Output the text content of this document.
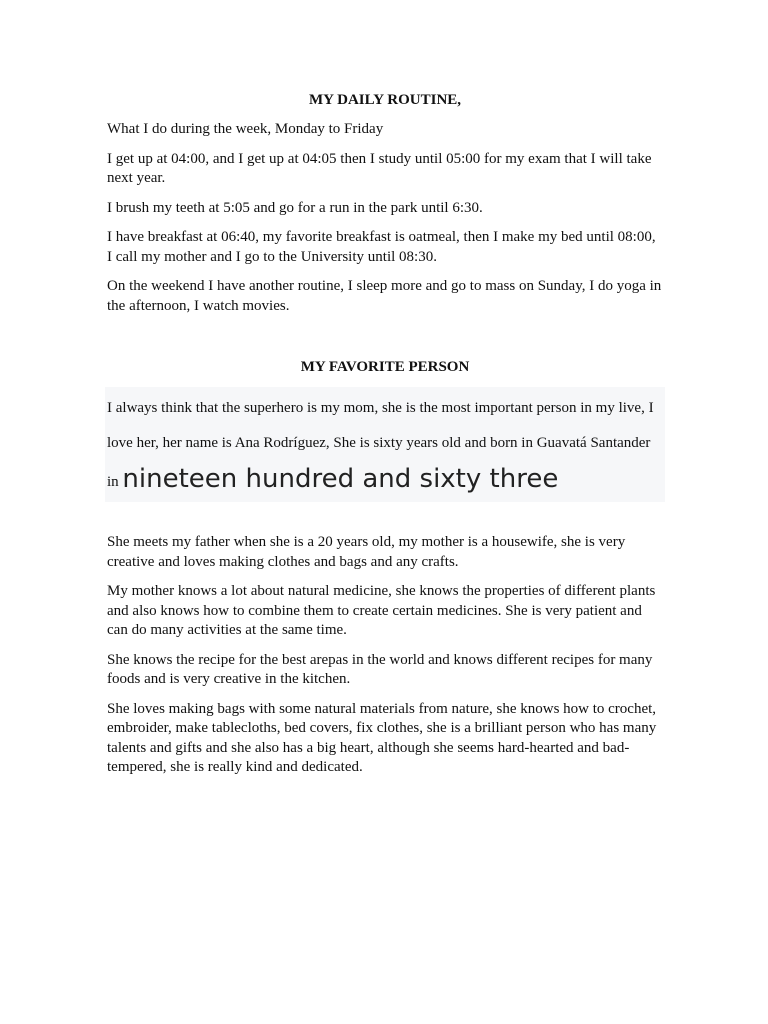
MY DAILY ROUTINE,

What I do during the week, Monday to Friday

I get up at 04:00, and I get up at 04:05 then I study until 05:00 for my exam that I will take next year.

I brush my teeth at 5:05 and go for a run in the park until 6:30.

I have breakfast at 06:40, my favorite breakfast is oatmeal, then I make my bed until 08:00, I call my mother and I go to the University until 08:30.

On the weekend I have another routine, I sleep more and go to mass on Sunday, I do yoga in the afternoon, I watch movies.

MY FAVORITE PERSON
I always think that the superhero is my mom, she is the most important person in my live, I
love her, her name is Ana Rodríguez, She is sixty years old and born in Guavatá Santander
in nineteen hundred and sixty three

She meets my father when she is a 20 years old, my mother is a housewife, she is very creative and loves making clothes and bags and any crafts.

My mother knows a lot about natural medicine, she knows the properties of different plants and also knows how to combine them to create certain medicines. She is very patient and can do many activities at the same time.

She knows the recipe for the best arepas in the world and knows different recipes for many foods and is very creative in the kitchen.

She loves making bags with some natural materials from nature, she knows how to crochet, embroider, make tablecloths, bed covers, fix clothes, she is a brilliant person who has many talents and gifts and she also has a big heart, although she seems hard-hearted and bad-tempered, she is really kind and dedicated.
